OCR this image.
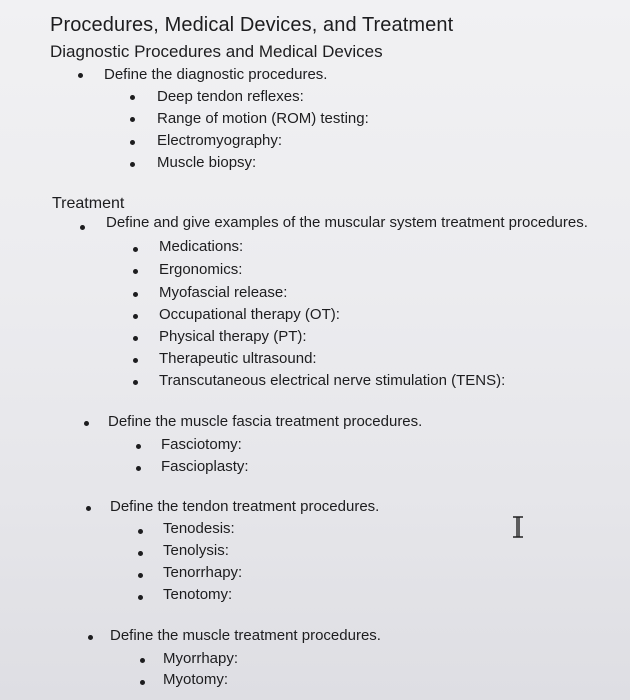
Procedures, Medical Devices, and Treatment

Diagnostic Procedures and Medical Devices

Define the diagnostic procedures.

Deep tendon reflexes:

Range of motion (ROM) testing:

Electromyography:

Muscle biopsy:

Treatment

Define and give examples of the muscular system treatment procedures.

Medications:

Ergonomics:

Myofascial release:

Occupational therapy (OT):

Physical therapy (PT):

Therapeutic ultrasound:

Transcutaneous electrical nerve stimulation (TENS):

Define the muscle fascia treatment procedures.

Fasciotomy:

Fascioplasty:

Define the tendon treatment procedures.

Tenodesis:

Tenolysis:

Tenorrhapy:

Tenotomy:

Define the muscle treatment procedures.

Myorrhapy:

Myotomy:
